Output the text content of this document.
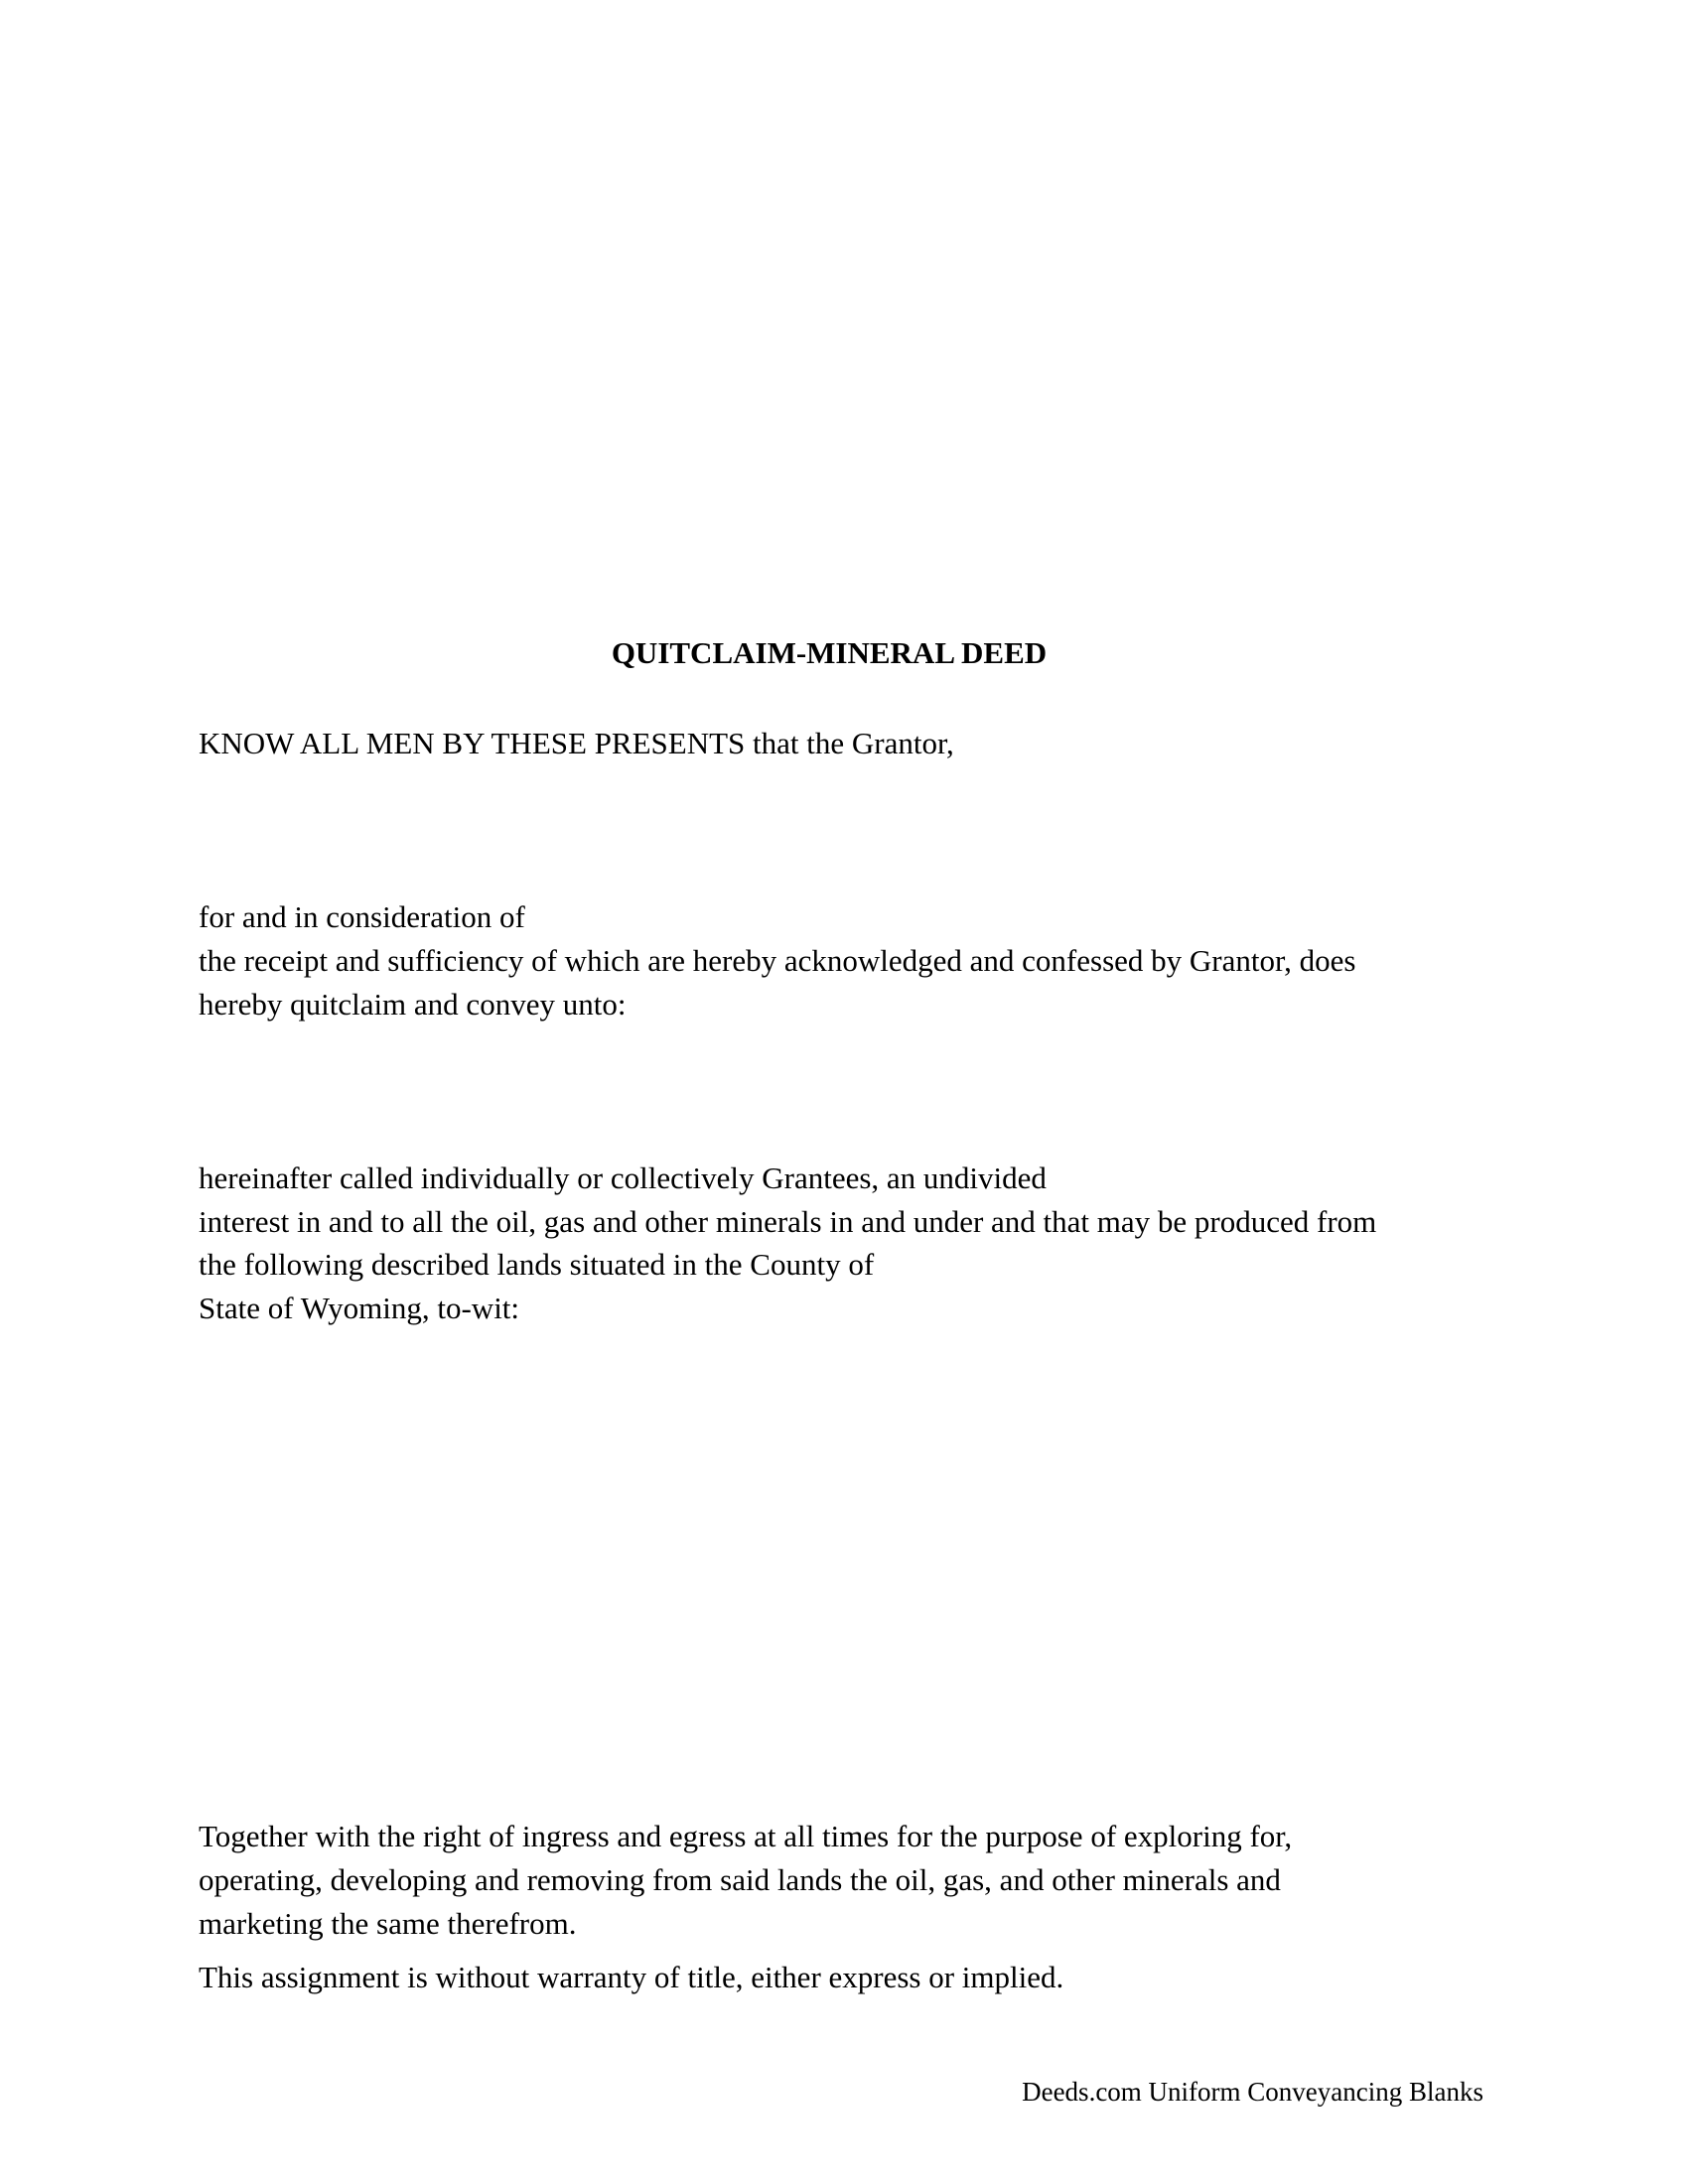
QUITCLAIM-MINERAL DEED
KNOW ALL MEN BY THESE PRESENTS that the Grantor,
for and in consideration of
the receipt and sufficiency of which are hereby acknowledged and confessed by Grantor, does
hereby quitclaim and convey unto:
hereinafter called individually or collectively Grantees, an undivided
interest in and to all the oil, gas and other minerals in and under and that may be produced from
the following described lands situated in the County of
State of Wyoming, to-wit:
Together with the right of ingress and egress at all times for the purpose of exploring for,
operating, developing and removing from said lands the oil, gas, and other minerals and
marketing the same therefrom.
This assignment is without warranty of title, either express or implied.
Deeds.com Uniform Conveyancing Blanks
